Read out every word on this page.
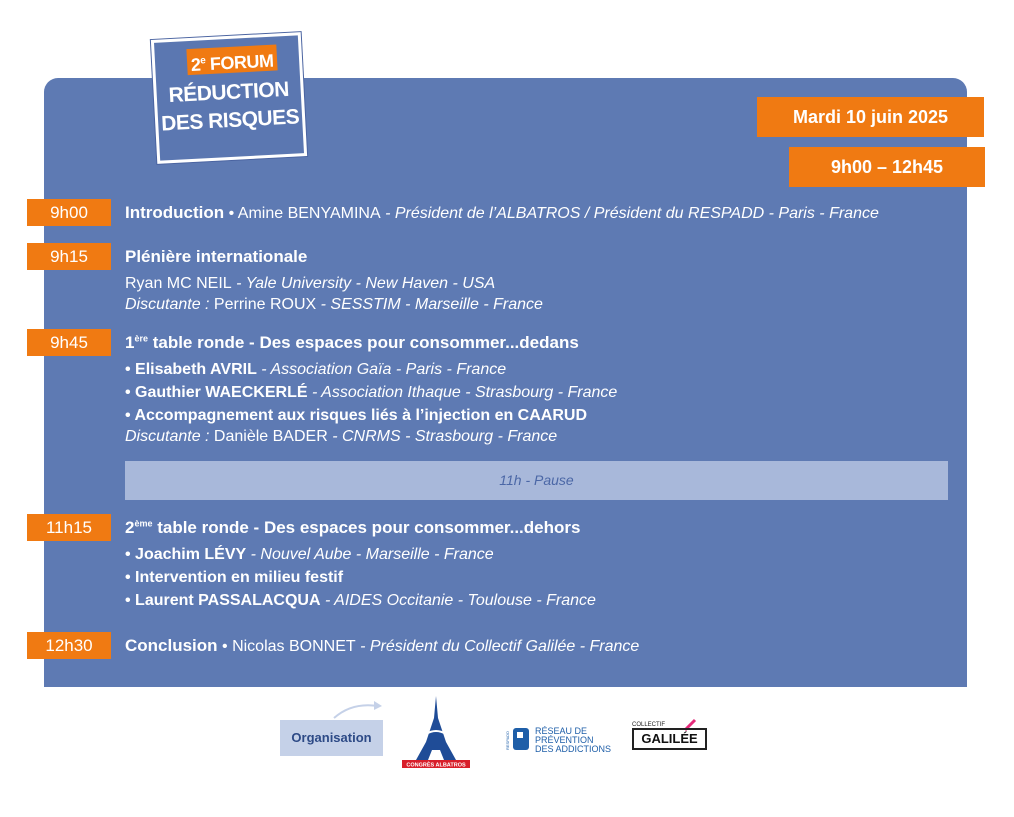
2e FORUM
RÉDUCTION
DES RISQUES	Mardi 10 juin 2025
9h00 – 12h45
9h00	Introduction • Amine BENYAMINA - Président de l’ALBATROS / Président du RESPADD - Paris - France
9h15	Plénière internationale
Ryan MC NEIL - Yale University - New Haven - USA
Discutante : Perrine ROUX - SESSTIM - Marseille - France
9h45	1ère table ronde - Des espaces pour consommer...dedans
• Elisabeth AVRIL - Association Gaïa - Paris - France
• Gauthier WAECKERLÉ - Association Ithaque - Strasbourg - France
• Accompagnement aux risques liés à l’injection en CAARUD
Discutante : Danièle BADER - CNRMS - Strasbourg - France
11h - Pause
11h15	2ème table ronde - Des espaces pour consommer...dehors
• Joachim LÉVY - Nouvel Aube - Marseille - France
• Intervention en milieu festif
• Laurent PASSALACQUA - AIDES Occitanie - Toulouse - France
12h30	Conclusion • Nicolas BONNET - Président du Collectif Galilée - France
Organisation
CONGRÈS ALBATROS
RESPADD	RÉSEAU DE
PRÉVENTION
DES ADDICTIONS
COLLECTIF
GALILÉE
